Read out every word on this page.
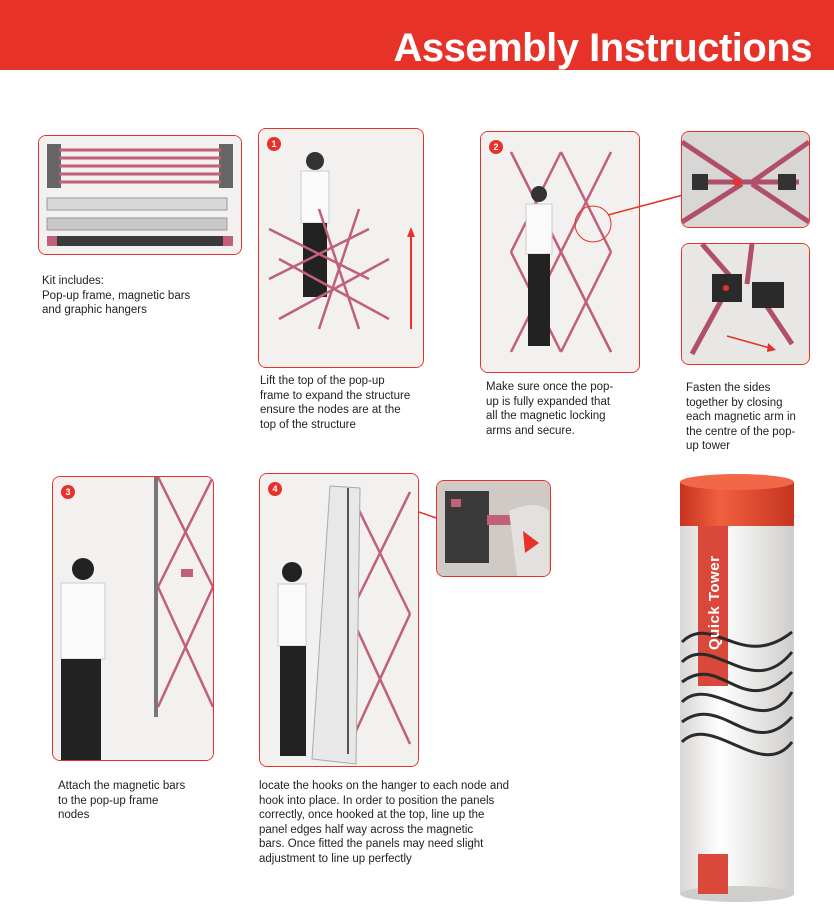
Assembly Instructions
Kit includes:
Pop-up frame, magnetic bars
and graphic hangers
1
Lift the top of the pop-up
frame to expand the structure
ensure the nodes are at the
top of the structure
2
Make sure once the pop-
up is fully expanded that
all the magnetic locking
arms and secure.
Fasten the sides
together by closing
each magnetic arm in
the centre of the pop-
up tower
3
Attach the magnetic bars
to the pop-up frame
nodes
4
locate the hooks on the hanger to each node and
hook into place. In order to position the panels
correctly, once hooked at the top, line up the
panel edges half way across the magnetic
bars. Once fitted the panels may need slight
adjustment to line up perfectly
Quick Tower
